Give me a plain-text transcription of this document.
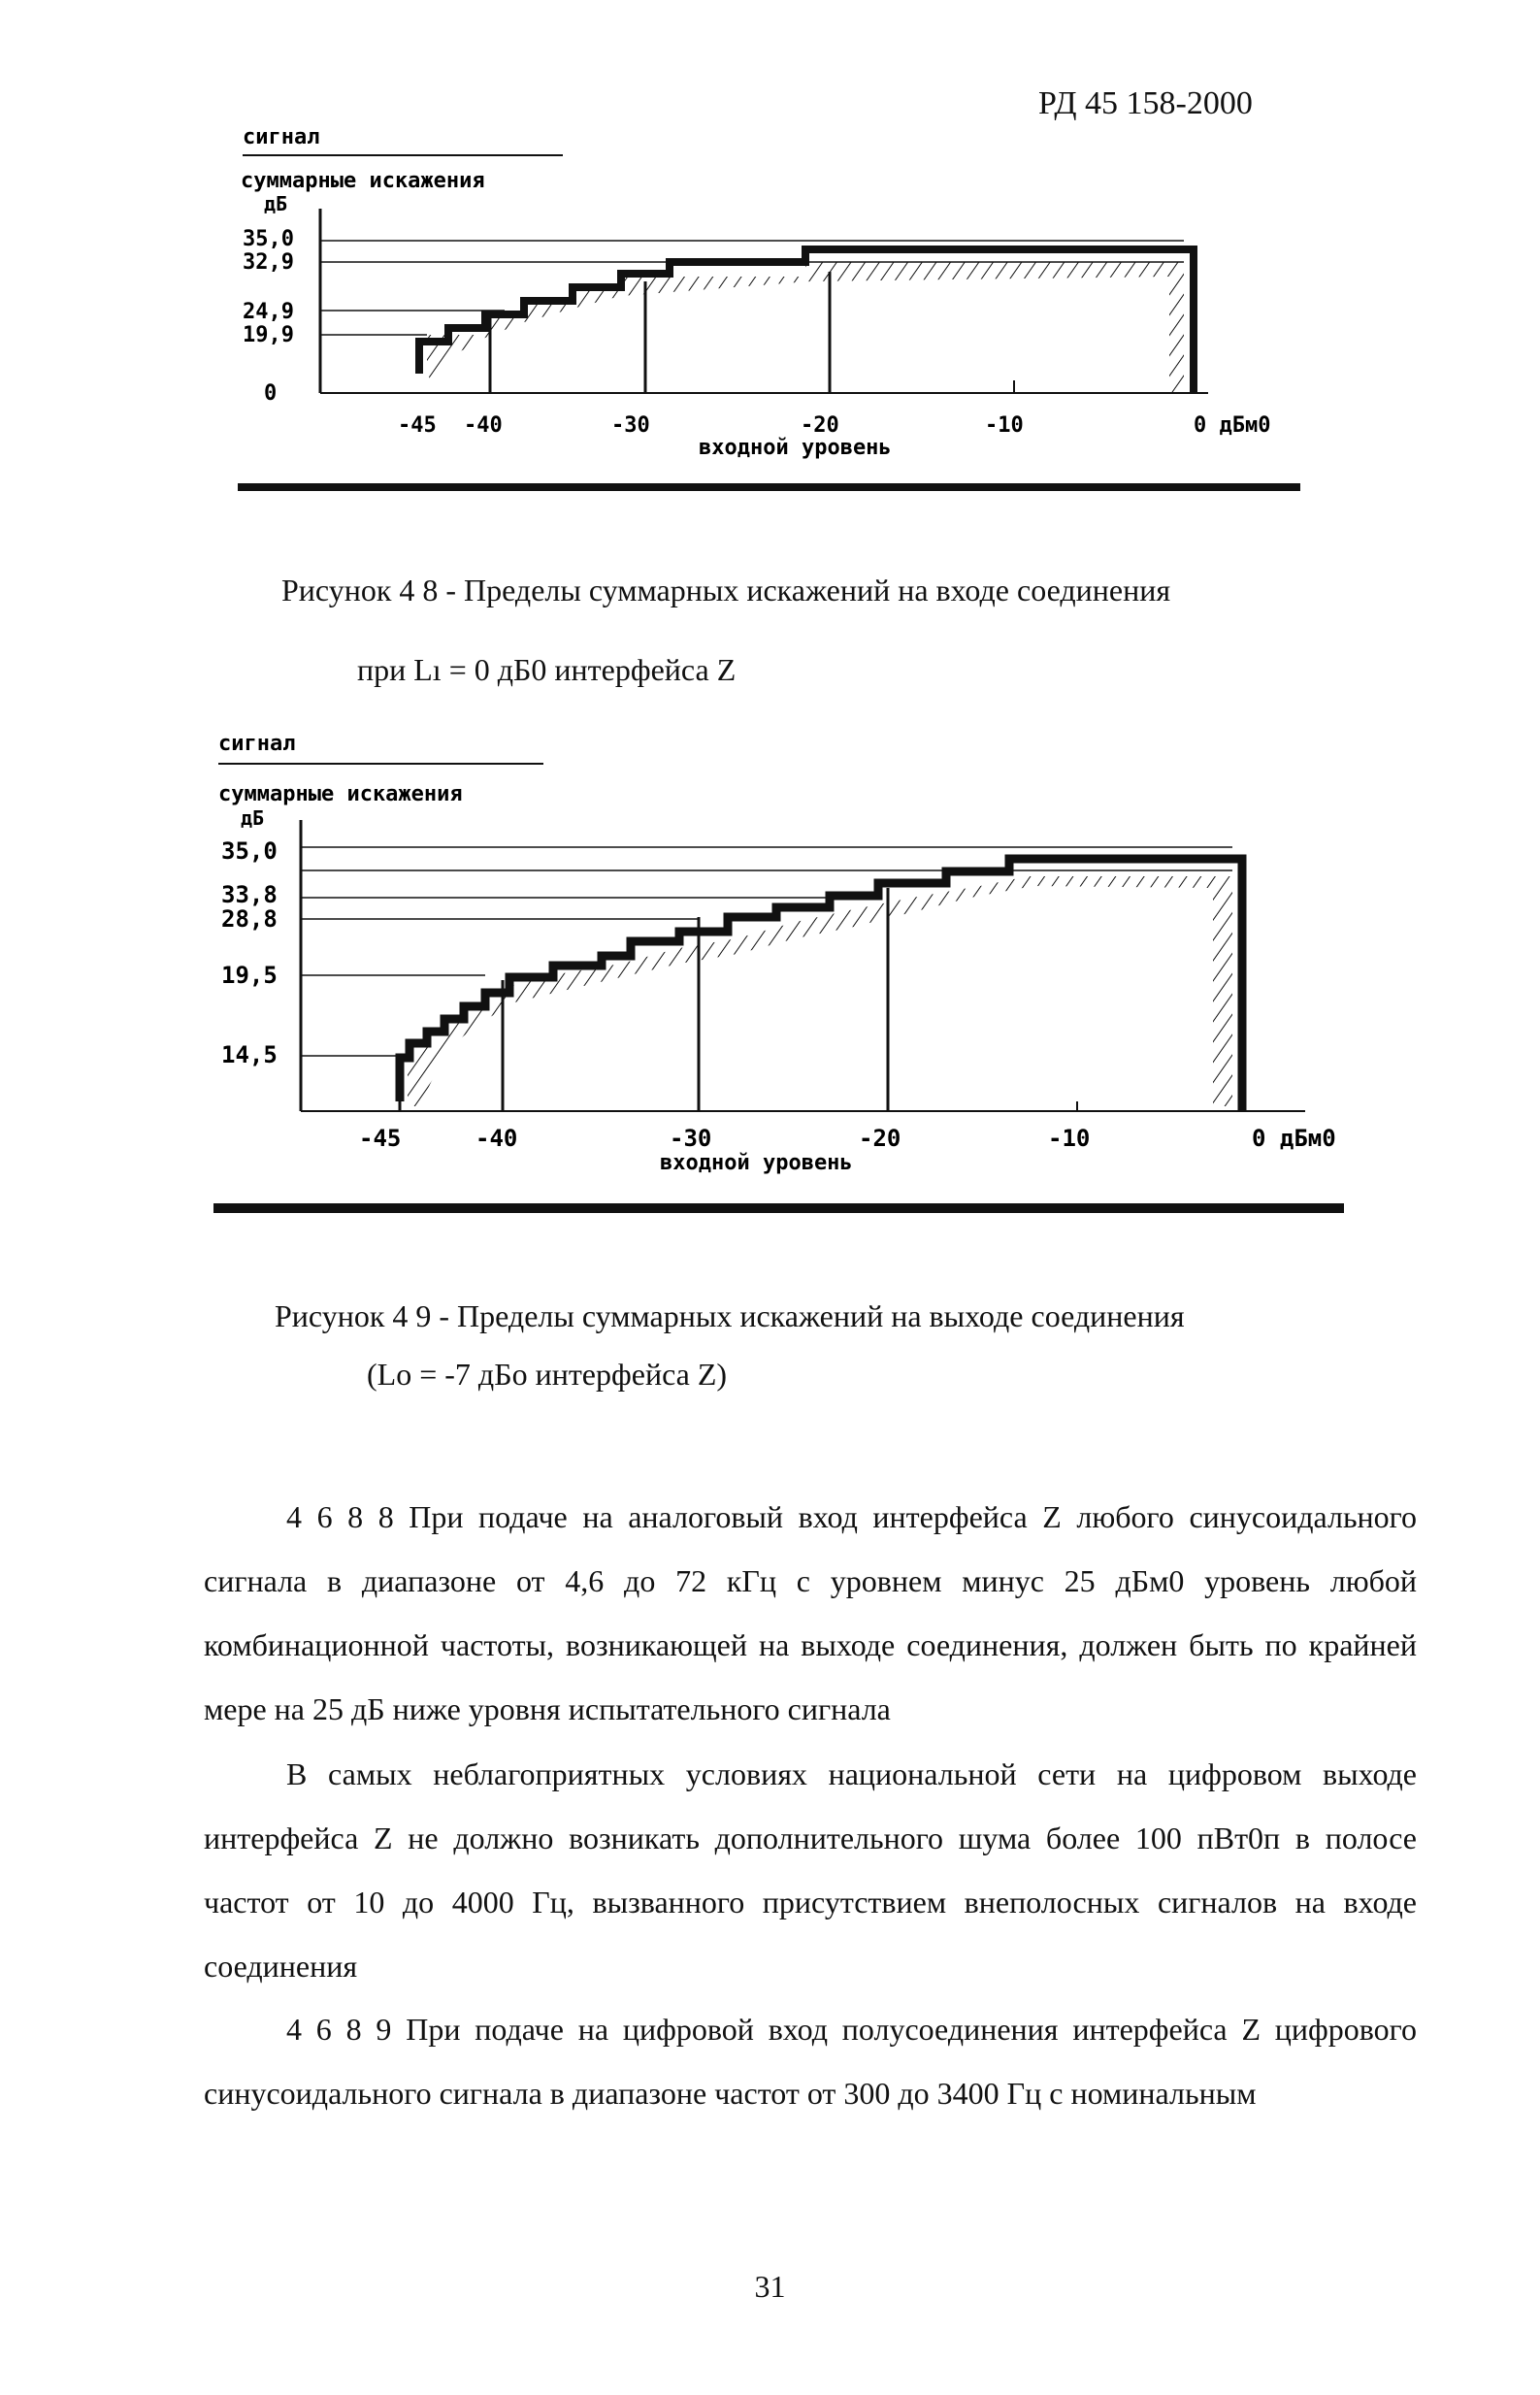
РД 45 158-2000
сигнал
суммарные искажения
дБ
35,0
32,9
24,9
19,9
0
-45 -40	-30	-20	-10	0 дБм0
входной уровень
Рисунок 4 8 - Пределы суммарных искажений на входе соединения
при Lı = 0 дБ0 интерфейса Z
сигнал
суммарные искажения
дБ
35,0
33,8
28,8
19,5
14,5
-45	-40	-30	-20	-10	0 дБм0
входной уровень
Рисунок 4 9 - Пределы суммарных искажений на выходе соединения
(Lo = -7 дБо интерфейса Z)
4 6 8 8 При подаче на аналоговый вход интерфейса Z любого синусоидального сигнала в диапазоне от 4,6 до 72 кГц с уровнем минус 25 дБм0 уровень любой комбинационной частоты, возникающей на выходе соединения, должен быть по крайней мере на 25 дБ ниже уровня испытательного сигнала
В самых неблагоприятных условиях национальной сети на цифровом выходе интерфейса Z не должно возникать дополнительного шума более 100 пВт0п в полосе частот от 10 до 4000 Гц, вызванного присутствием внеполосных сигналов на входе соединения
4 6 8 9 При подаче на цифровой вход полусоединения интерфейса Z цифрового синусоидального сигнала в диапазоне частот от 300 до 3400 Гц с номинальным
31
